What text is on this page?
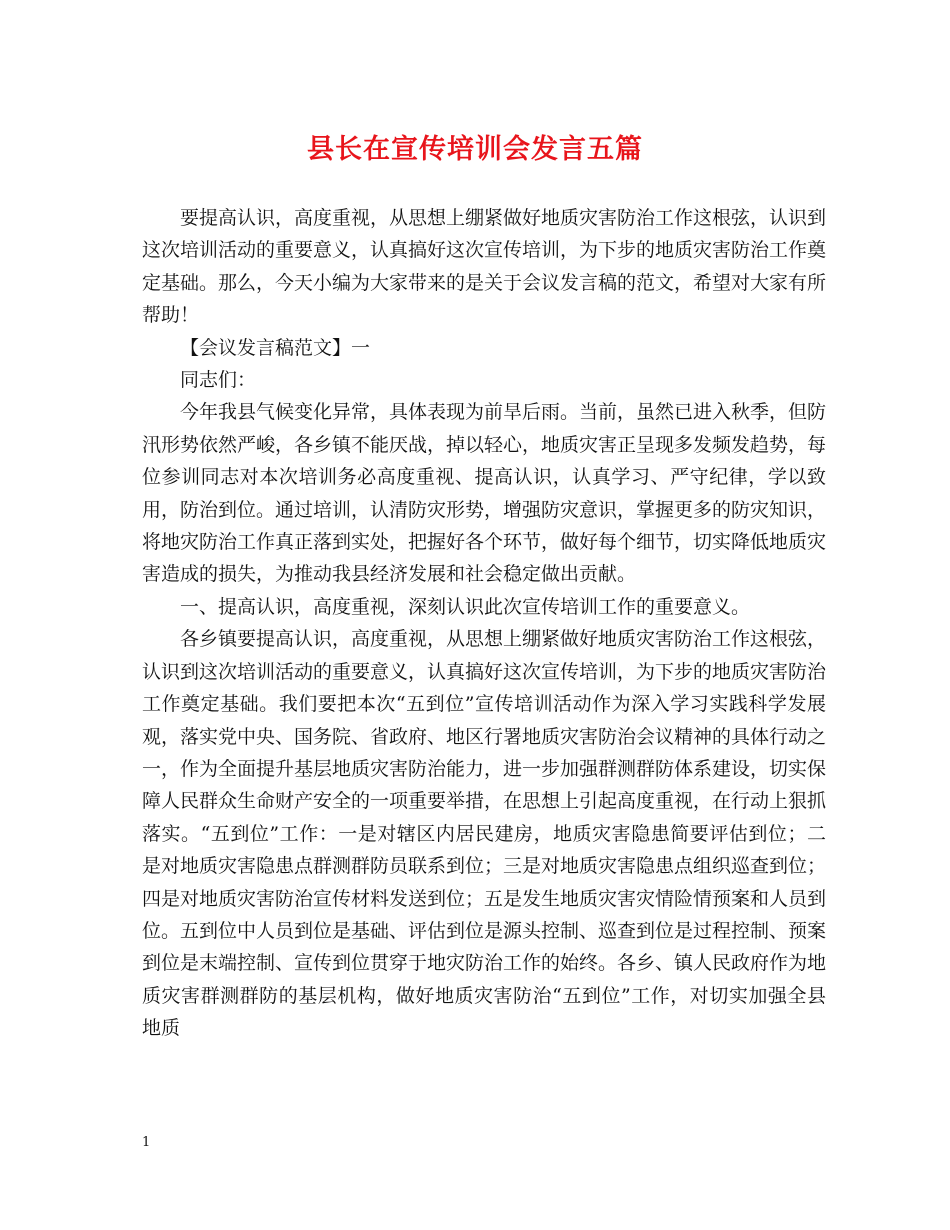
县长在宣传培训会发言五篇

要提高认识，高度重视，从思想上绷紧做好地质灾害防治工作这根弦，认识到这次培训活动的重要意义，认真搞好这次宣传培训，为下步的地质灾害防治工作奠定基础。那么，今天小编为大家带来的是关于会议发言稿的范文，希望对大家有所帮助！

【会议发言稿范文】一

同志们：

今年我县气候变化异常，具体表现为前旱后雨。当前，虽然已进入秋季，但防汛形势依然严峻，各乡镇不能厌战，掉以轻心，地质灾害正呈现多发频发趋势，每位参训同志对本次培训务必高度重视、提高认识，认真学习、严守纪律，学以致用，防治到位。通过培训，认清防灾形势，增强防灾意识，掌握更多的防灾知识，将地灾防治工作真正落到实处，把握好各个环节，做好每个细节，切实降低地质灾害造成的损失，为推动我县经济发展和社会稳定做出贡献。

一、提高认识，高度重视，深刻认识此次宣传培训工作的重要意义。

各乡镇要提高认识，高度重视，从思想上绷紧做好地质灾害防治工作这根弦，认识到这次培训活动的重要意义，认真搞好这次宣传培训，为下步的地质灾害防治工作奠定基础。我们要把本次“五到位”宣传培训活动作为深入学习实践科学发展观，落实党中央、国务院、省政府、地区行署地质灾害防治会议精神的具体行动之一，作为全面提升基层地质灾害防治能力，进一步加强群测群防体系建设，切实保障人民群众生命财产安全的一项重要举措，在思想上引起高度重视，在行动上狠抓落实。“五到位”工作：一是对辖区内居民建房，地质灾害隐患简要评估到位；二是对地质灾害隐患点群测群防员联系到位；三是对地质灾害隐患点组织巡查到位；四是对地质灾害防治宣传材料发送到位；五是发生地质灾害灾情险情预案和人员到位。五到位中人员到位是基础、评估到位是源头控制、巡查到位是过程控制、预案到位是末端控制、宣传到位贯穿于地灾防治工作的始终。各乡、镇人民政府作为地质灾害群测群防的基层机构，做好地质灾害防治“五到位”工作，对切实加强全县地质

1
